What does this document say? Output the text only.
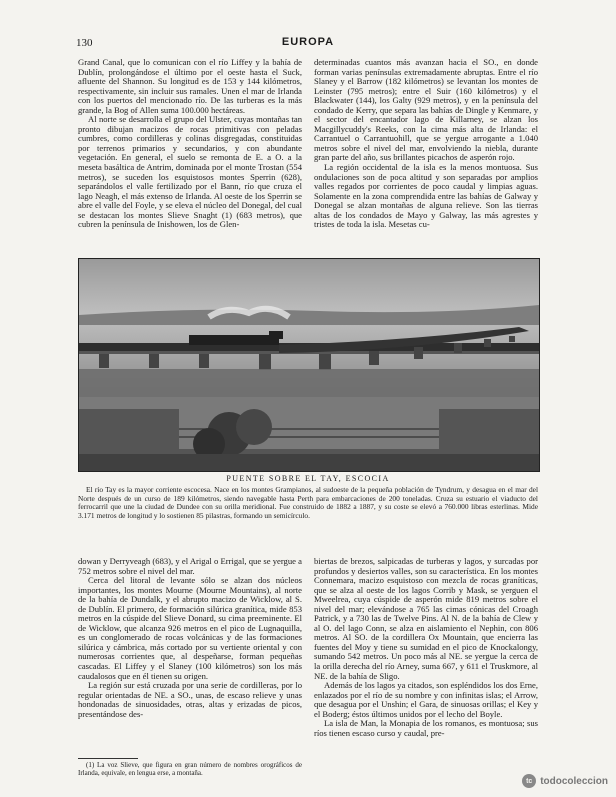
130	EUROPA

Grand Canal, que lo comunican con el río Liffey y la bahía de Dublín, prolongándose el último por el oeste hasta el Suck, afluente del Shannon. Su longitud es de 153 y 144 kilómetros, respectivamente, sin incluir sus ramales. Unen el mar de Irlanda con los puertos del mencionado río. De las turberas es la más grande, la Bog of Allen suma 100.000 hectáreas.

Al norte se desarrolla el grupo del Ulster, cuyas montañas tan pronto dibujan macizos de rocas primitivas con peladas cumbres, como cordilleras y colinas disgregadas, constituidas por terrenos primarios y secundarios, y con abundante vegetación. En general, el suelo se remonta de E. a O. a la meseta basáltica de Antrim, dominada por el monte Trostan (554 metros), se suceden los esquistosos montes Sperrin (628), separándolos el valle fertilizado por el Bann, río que cruza el lago Neagh, el más extenso de Irlanda. Al oeste de los Sperrin se abre el valle del Foyle, y se eleva el núcleo del Donegal, del cual se destacan los montes Slieve Snaght (1) (683 metros), que cubren la península de Inishowen, los de Glen-

determinadas cuantos más avanzan hacia el SO., en donde forman varias penínsulas extremadamente abruptas. Entre el río Slaney y el Barrow (182 kilómetros) se levantan los montes de Leinster (795 metros); entre el Suir (160 kilómetros) y el Blackwater (144), los Galty (929 metros), y en la península del condado de Kerry, que separa las bahías de Dingle y Kenmare, y el sector del encantador lago de Killarney, se alzan los Macgillycuddy's Reeks, con la cima más alta de Irlanda: el Carrantuel o Carrantuohill, que se yergue arrogante a 1.040 metros sobre el nivel del mar, envolviendo la niebla, durante gran parte del año, sus brillantes picachos de asperón rojo.

La región occidental de la isla es la menos montuosa. Sus ondulaciones son de poca altitud y son separadas por amplios valles regados por corrientes de poco caudal y limpias aguas. Solamente en la zona comprendida entre las bahías de Galway y Donegal se alzan montañas de alguna relieve. Son las tierras altas de los condados de Mayo y Galway, las más agrestes y tristes de toda la isla. Mesetas cu-

PUENTE SOBRE EL TAY, ESCOCIA

El río Tay es la mayor corriente escocesa. Nace en los montes Grampianos, al sudoeste de la pequeña población de Tyndrum, y desagua en el mar del Norte después de un curso de 189 kilómetros, siendo navegable hasta Perth para embarcaciones de 200 toneladas. Cruza su estuario el viaducto del ferrocarril que une la ciudad de Dundee con su orilla meridional. Fue construido de 1882 a 1887, y su coste se elevó a 760.000 libras esterlinas. Mide 3.171 metros de longitud y lo sostienen 85 pilastras, formando un semicírculo.

dowan y Derryveagh (683), y el Arigal o Errigal, que se yergue a 752 metros sobre el nivel del mar.

Cerca del litoral de levante sólo se alzan dos núcleos importantes, los montes Mourne (Mourne Mountains), al norte de la bahía de Dundalk, y el abrupto macizo de Wicklow, al S. de Dublín. El primero, de formación silúrica granítica, mide 853 metros en la cúspide del Slieve Donard, su cima preeminente. El de Wicklow, que alcanza 926 metros en el pico de Lugnaquilla, es un conglomerado de rocas volcánicas y de las formaciones silúrica y cámbrica, más cortado por su vertiente oriental y con numerosas corrientes que, al despeñarse, forman pequeñas cascadas. El Liffey y el Slaney (100 kilómetros) son los más caudalosos que en él tienen su origen.

La región sur está cruzada por una serie de cordilleras, por lo regular orientadas de NE. a SO., unas, de escaso relieve y unas hondonadas de sinuosidades, otras, altas y erizadas de picos, presentándose des-

biertas de brezos, salpicadas de turberas y lagos, y surcadas por profundos y desiertos valles, son su característica. En los montes Connemara, macizo esquistoso con mezcla de rocas graníticas, que se alza al oeste de los lagos Corrib y Mask, se yerguen el Mweelrea, cuya cúspide de asperón mide 819 metros sobre el nivel del mar; elevándose a 765 las cimas cónicas del Croagh Patrick, y a 730 las de Twelve Pins. Al N. de la bahía de Clew y al O. del lago Conn, se alza en aislamiento el Nephin, con 806 metros. Al SO. de la cordillera Ox Mountain, que encierra las fuentes del Moy y tiene su sumidad en el pico de Knockalongy, sumando 542 metros. Un poco más al NE. se yergue la cerca de la orilla derecha del río Arney, suma 667, y 611 el Truskmore, al NE. de la bahía de Sligo.

Además de los lagos ya citados, son espléndidos los dos Erne, enlazados por el río de su nombre y con infinitas islas; el Arrow, que desagua por el Unshin; el Gara, de sinuosas orillas; el Key y el Boderg; éstos últimos unidos por el lecho del Boyle.

La isla de Man, la Monapia de los romanos, es montuosa; sus ríos tienen escaso curso y caudal, pre-

(1) La voz Slieve, que figura en gran número de nombres orográficos de Irlanda, equivale, en lengua erse, a montaña.

tc todocoleccion
